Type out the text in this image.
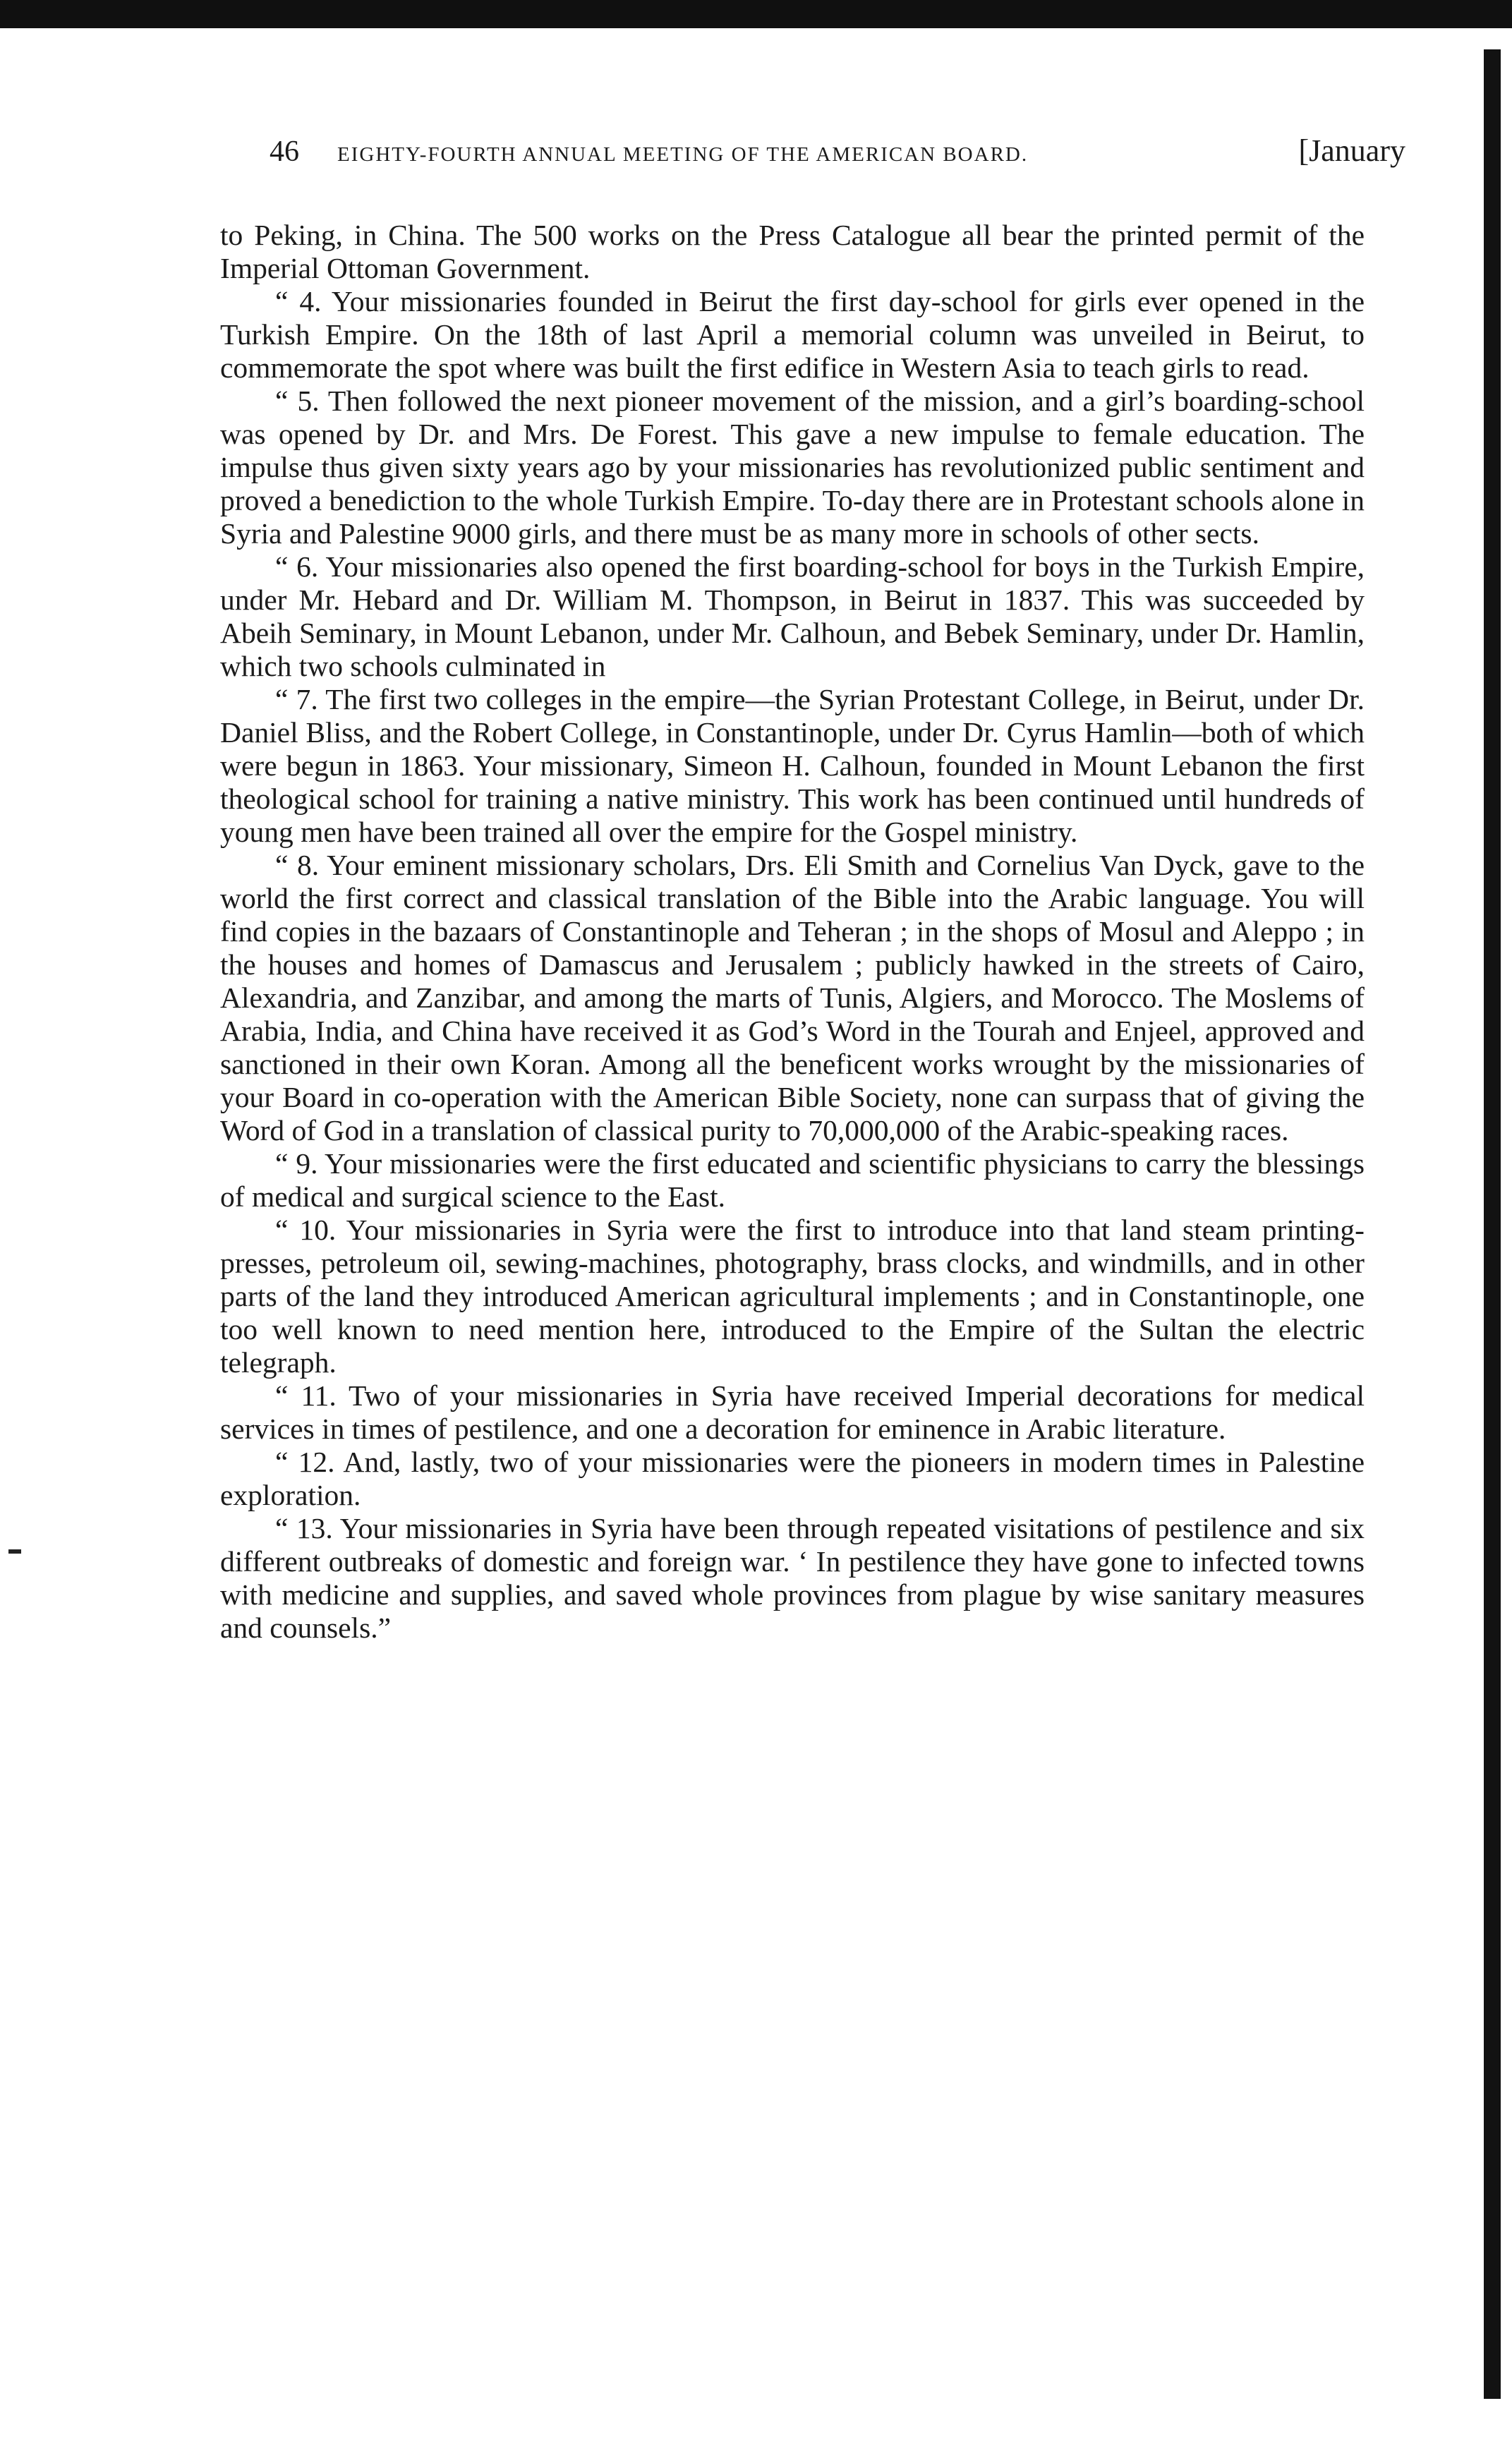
46 EIGHTY-FOURTH ANNUAL MEETING OF THE AMERICAN BOARD.	[January

to Peking, in China. The 500 works on the Press Catalogue all bear the printed permit of the Imperial Ottoman Government.

“ 4. Your missionaries founded in Beirut the first day-school for girls ever opened in the Turkish Empire. On the 18th of last April a memorial column was unveiled in Beirut, to commemorate the spot where was built the first edifice in Western Asia to teach girls to read.

“ 5. Then followed the next pioneer movement of the mission, and a girl’s boarding-school was opened by Dr. and Mrs. De Forest. This gave a new impulse to female education. The impulse thus given sixty years ago by your missionaries has revolutionized public sentiment and proved a benediction to the whole Turkish Empire. To-day there are in Protestant schools alone in Syria and Palestine 9000 girls, and there must be as many more in schools of other sects.

“ 6. Your missionaries also opened the first boarding-school for boys in the Turkish Empire, under Mr. Hebard and Dr. William M. Thompson, in Beirut in 1837. This was succeeded by Abeih Seminary, in Mount Lebanon, under Mr. Calhoun, and Bebek Seminary, under Dr. Hamlin, which two schools culminated in

“ 7. The first two colleges in the empire—the Syrian Protestant College, in Beirut, under Dr. Daniel Bliss, and the Robert College, in Constantinople, under Dr. Cyrus Hamlin—both of which were begun in 1863. Your missionary, Simeon H. Calhoun, founded in Mount Lebanon the first theological school for training a native ministry. This work has been continued until hundreds of young men have been trained all over the empire for the Gospel ministry.

“ 8. Your eminent missionary scholars, Drs. Eli Smith and Cornelius Van Dyck, gave to the world the first correct and classical translation of the Bible into the Arabic language. You will find copies in the bazaars of Constantinople and Teheran ; in the shops of Mosul and Aleppo ; in the houses and homes of Damascus and Jerusalem ; publicly hawked in the streets of Cairo, Alexandria, and Zanzibar, and among the marts of Tunis, Algiers, and Morocco. The Moslems of Arabia, India, and China have received it as God’s Word in the Tourah and Enjeel, approved and sanctioned in their own Koran. Among all the beneficent works wrought by the missionaries of your Board in co-operation with the American Bible Society, none can surpass that of giving the Word of God in a translation of classical purity to 70,000,000 of the Arabic-speaking races.

“ 9. Your missionaries were the first educated and scientific physicians to carry the blessings of medical and surgical science to the East.

“ 10. Your missionaries in Syria were the first to introduce into that land steam printing-presses, petroleum oil, sewing-machines, photography, brass clocks, and windmills, and in other parts of the land they introduced American agricultural implements ; and in Constantinople, one too well known to need mention here, introduced to the Empire of the Sultan the electric telegraph.

“ 11. Two of your missionaries in Syria have received Imperial decorations for medical services in times of pestilence, and one a decoration for eminence in Arabic literature.

“ 12. And, lastly, two of your missionaries were the pioneers in modern times in Palestine exploration.

“ 13. Your missionaries in Syria have been through repeated visitations of pestilence and six different outbreaks of domestic and foreign war. ‘ In pestilence they have gone to infected towns with medicine and supplies, and saved whole provinces from plague by wise sanitary measures and counsels.”
